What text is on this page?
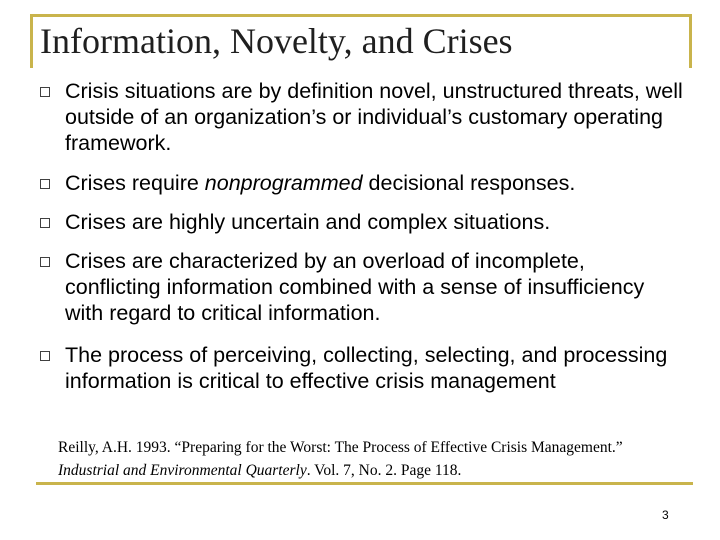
Information, Novelty, and Crises
Crisis situations are by definition novel, unstructured threats, well outside of an organization’s or individual’s customary operating framework.
Crises require nonprogrammed decisional responses.
Crises are highly uncertain and complex situations.
Crises are characterized by an overload of incomplete, conflicting information combined with a sense of insufficiency with regard to critical information.
The process of perceiving, collecting, selecting, and processing information is critical to effective crisis management
Reilly, A.H. 1993. “Preparing for the Worst: The Process of Effective Crisis Management.” Industrial and Environmental Quarterly. Vol. 7, No. 2. Page 118.
3
